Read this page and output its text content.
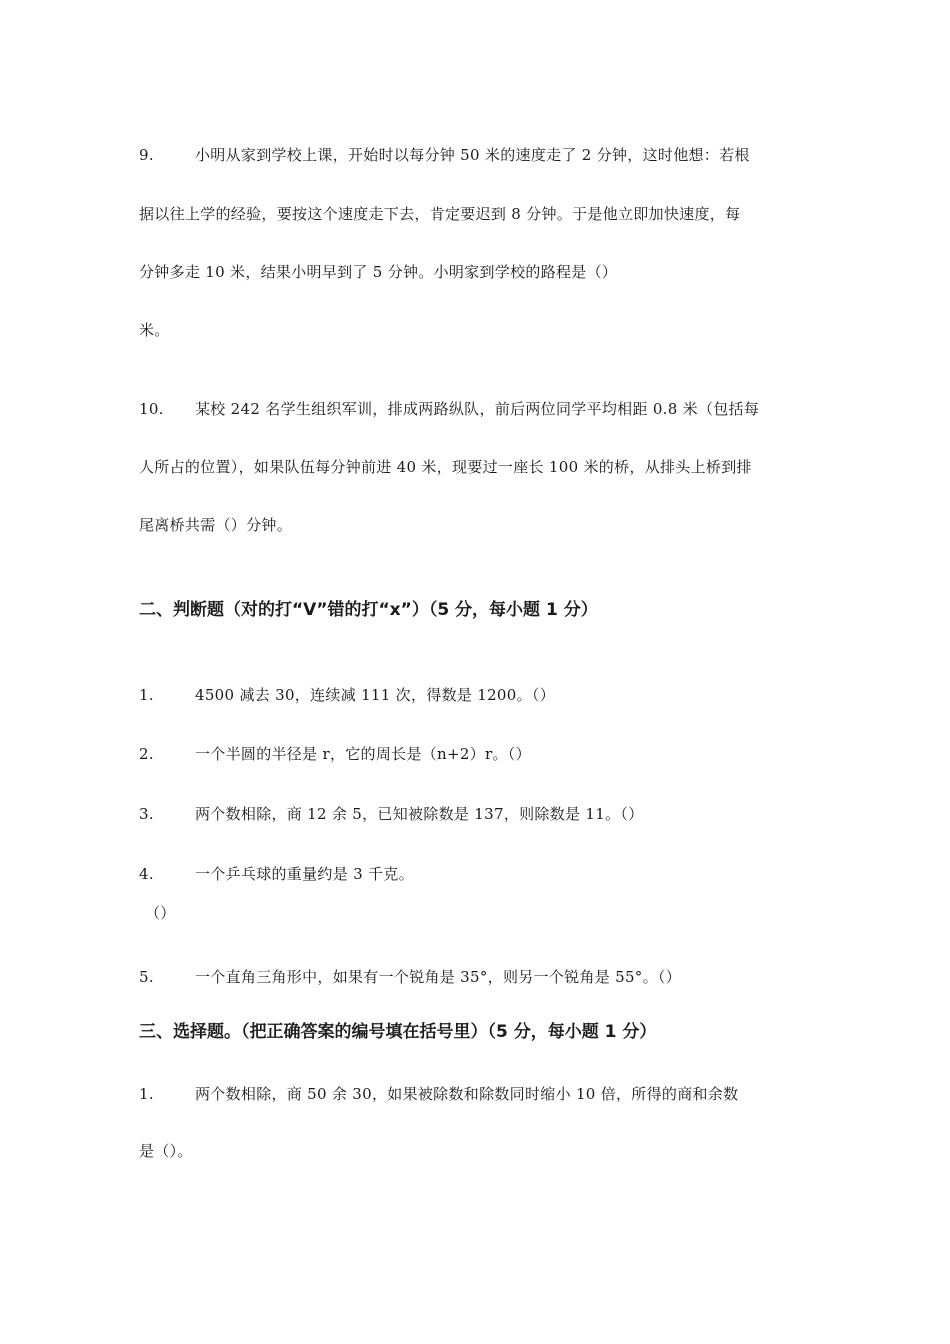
9.	小明从家到学校上课，开始时以每分钟 50 米的速度走了 2 分钟，这时他想：若根
据以往上学的经验，要按这个速度走下去，肯定要迟到 8 分钟。于是他立即加快速度，每
分钟多走 10 米，结果小明早到了 5 分钟。小明家到学校的路程是（）
米。
10. 某校 242 名学生组织军训，排成两路纵队，前后两位同学平均相距 0.8 米（包括每
人所占的位置），如果队伍每分钟前进 40 米，现要过一座长 100 米的桥，从排头上桥到排
尾离桥共需（）分钟。
二、判断题（对的打“V”错的打“x”）（5 分，每小题 1 分）
1.	4500 减去 30，连续减 111 次，得数是 1200。（）
2.	一个半圆的半径是 r，它的周长是（n+2）r。（）
3.	两个数相除，商 12 余 5，已知被除数是 137，则除数是 11。（）
4.	一个乒乓球的重量约是 3 千克。
（）
5.	一个直角三角形中，如果有一个锐角是 35°，则另一个锐角是 55°。（）
三、选择题。（把正确答案的编号填在括号里）（5 分，每小题 1 分）
1.	两个数相除，商 50 余 30，如果被除数和除数同时缩小 10 倍，所得的商和余数
是（）。
